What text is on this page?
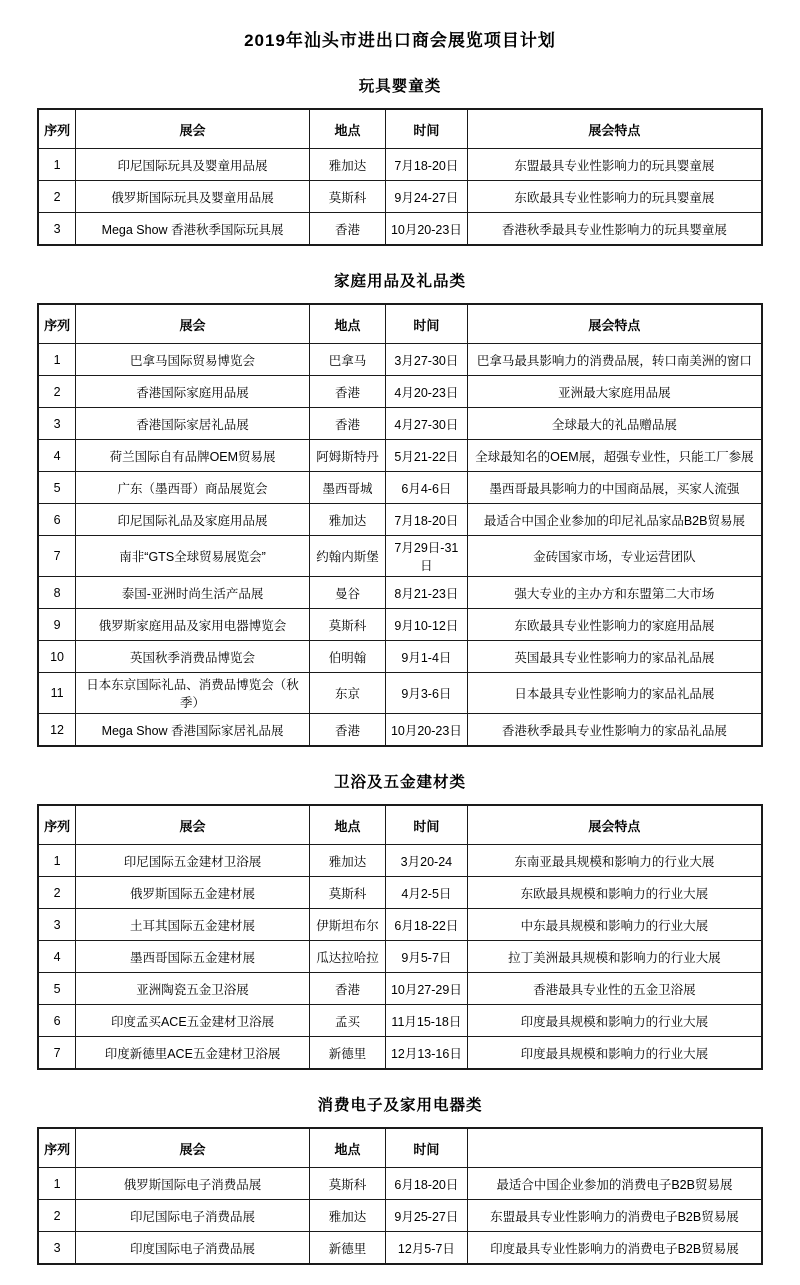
2019年汕头市进出口商会展览项目计划
玩具婴童类
序列	展会	地点	时间	展会特点
1	印尼国际玩具及婴童用品展	雅加达	7月18-20日	东盟最具专业性影响力的玩具婴童展
2	俄罗斯国际玩具及婴童用品展	莫斯科	9月24-27日	东欧最具专业性影响力的玩具婴童展
3	Mega Show 香港秋季国际玩具展	香港	10月20-23日	香港秋季最具专业性影响力的玩具婴童展
家庭用品及礼品类
序列	展会	地点	时间	展会特点
1	巴拿马国际贸易博览会	巴拿马	3月27-30日	巴拿马最具影响力的消费品展，转口南美洲的窗口
2	香港国际家庭用品展	香港	4月20-23日	亚洲最大家庭用品展
3	香港国际家居礼品展	香港	4月27-30日	全球最大的礼品赠品展
4	荷兰国际自有品牌OEM贸易展	阿姆斯特丹	5月21-22日	全球最知名的OEM展，超强专业性，只能工厂参展
5	广东（墨西哥）商品展览会	墨西哥城	6月4-6日	墨西哥最具影响力的中国商品展，买家人流强
6	印尼国际礼品及家庭用品展	雅加达	7月18-20日	最适合中国企业参加的印尼礼品家品B2B贸易展
7	南非“GTS全球贸易展览会”	约翰内斯堡	7月29日-31日	金砖国家市场，专业运营团队
8	泰国-亚洲时尚生活产品展	曼谷	8月21-23日	强大专业的主办方和东盟第二大市场
9	俄罗斯家庭用品及家用电器博览会	莫斯科	9月10-12日	东欧最具专业性影响力的家庭用品展
10	英国秋季消费品博览会	伯明翰	9月1-4日	英国最具专业性影响力的家品礼品展
11	日本东京国际礼品、消费品博览会（秋季）	东京	9月3-6日	日本最具专业性影响力的家品礼品展
12	Mega Show 香港国际家居礼品展	香港	10月20-23日	香港秋季最具专业性影响力的家品礼品展
卫浴及五金建材类
序列	展会	地点	时间	展会特点
1	印尼国际五金建材卫浴展	雅加达	3月20-24	东南亚最具规模和影响力的行业大展
2	俄罗斯国际五金建材展	莫斯科	4月2-5日	东欧最具规模和影响力的行业大展
3	土耳其国际五金建材展	伊斯坦布尔	6月18-22日	中东最具规模和影响力的行业大展
4	墨西哥国际五金建材展	瓜达拉哈拉	9月5-7日	拉丁美洲最具规模和影响力的行业大展
5	亚洲陶瓷五金卫浴展	香港	10月27-29日	香港最具专业性的五金卫浴展
6	印度孟买ACE五金建材卫浴展	孟买	11月15-18日	印度最具规模和影响力的行业大展
7	印度新德里ACE五金建材卫浴展	新德里	12月13-16日	印度最具规模和影响力的行业大展
消费电子及家用电器类
序列	展会	地点	时间	
1	俄罗斯国际电子消费品展	莫斯科	6月18-20日	最适合中国企业参加的消费电子B2B贸易展
2	印尼国际电子消费品展	雅加达	9月25-27日	东盟最具专业性影响力的消费电子B2B贸易展
3	印度国际电子消费品展	新德里	12月5-7日	印度最具专业性影响力的消费电子B2B贸易展
